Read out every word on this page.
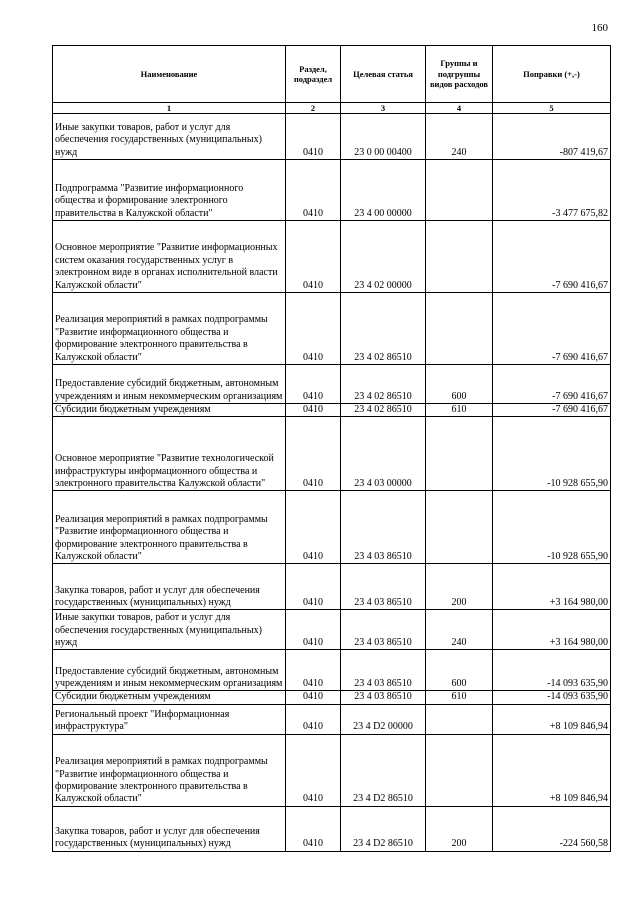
160
Наименование	Раздел, подраздел	Целевая статья	Группы и подгруппы видов расходов	Поправки (+,-)
1	2	3	4	5
Иные закупки товаров, работ и услуг для обеспечения государственных (муниципальных) нужд	0410	23 0 00 00400	240	-807 419,67
Подпрограмма "Развитие информационного общества и формирование электронного правительства в Калужской области"	0410	23 4 00 00000		-3 477 675,82
Основное мероприятие "Развитие информационных систем оказания государственных услуг в электронном виде в органах исполнительной власти Калужской области"	0410	23 4 02 00000		-7 690 416,67
Реализация мероприятий в рамках подпрограммы "Развитие информационного общества и формирование электронного правительства в Калужской области"	0410	23 4 02 86510		-7 690 416,67
Предоставление субсидий бюджетным, автономным учреждениям и иным некоммерческим организациям	0410	23 4 02 86510	600	-7 690 416,67
Субсидии бюджетным учреждениям	0410	23 4 02 86510	610	-7 690 416,67
Основное мероприятие "Развитие технологической инфраструктуры информационного общества и электронного правительства Калужской области"	0410	23 4 03 00000		-10 928 655,90
Реализация мероприятий в рамках подпрограммы "Развитие информационного общества и формирование электронного правительства в Калужской области"	0410	23 4 03 86510		-10 928 655,90
Закупка товаров, работ и услуг для обеспечения государственных (муниципальных) нужд	0410	23 4 03 86510	200	+3 164 980,00
Иные закупки товаров, работ и услуг для обеспечения государственных (муниципальных) нужд	0410	23 4 03 86510	240	+3 164 980,00
Предоставление субсидий бюджетным, автономным учреждениям и иным некоммерческим организациям	0410	23 4 03 86510	600	-14 093 635,90
Субсидии бюджетным учреждениям	0410	23 4 03 86510	610	-14 093 635,90
Региональный проект "Информационная инфраструктура"	0410	23 4 D2 00000		+8 109 846,94
Реализация мероприятий в рамках подпрограммы "Развитие информационного общества и формирование электронного правительства в Калужской области"	0410	23 4 D2 86510		+8 109 846,94
Закупка товаров, работ и услуг для обеспечения государственных (муниципальных) нужд	0410	23 4 D2 86510	200	-224 560,58
